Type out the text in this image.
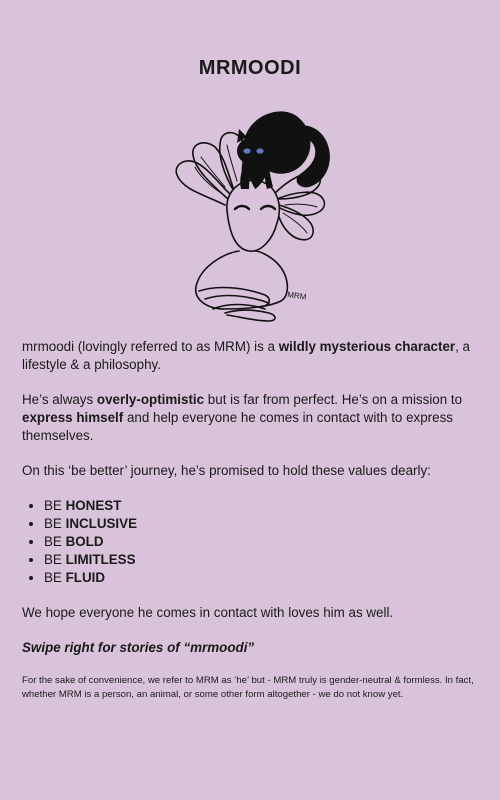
MRMOODI
MRM

mrmoodi (lovingly referred to as MRM) is a wildly mysterious character, a lifestyle & a philosophy.

He’s always overly-optimistic but is far from perfect. He’s on a mission to express himself and help everyone he comes in contact with to express themselves.

On this ‘be better’ journey, he’s promised to hold these values dearly:

• BE HONEST
• BE INCLUSIVE
• BE BOLD
• BE LIMITLESS
• BE FLUID

We hope everyone he comes in contact with loves him as well.

Swipe right for stories of “mrmoodi”

For the sake of convenience, we refer to MRM as ‘he’ but - MRM truly is gender-neutral & formless. In fact, whether MRM is a person, an animal, or some other form altogether - we do not know yet.
